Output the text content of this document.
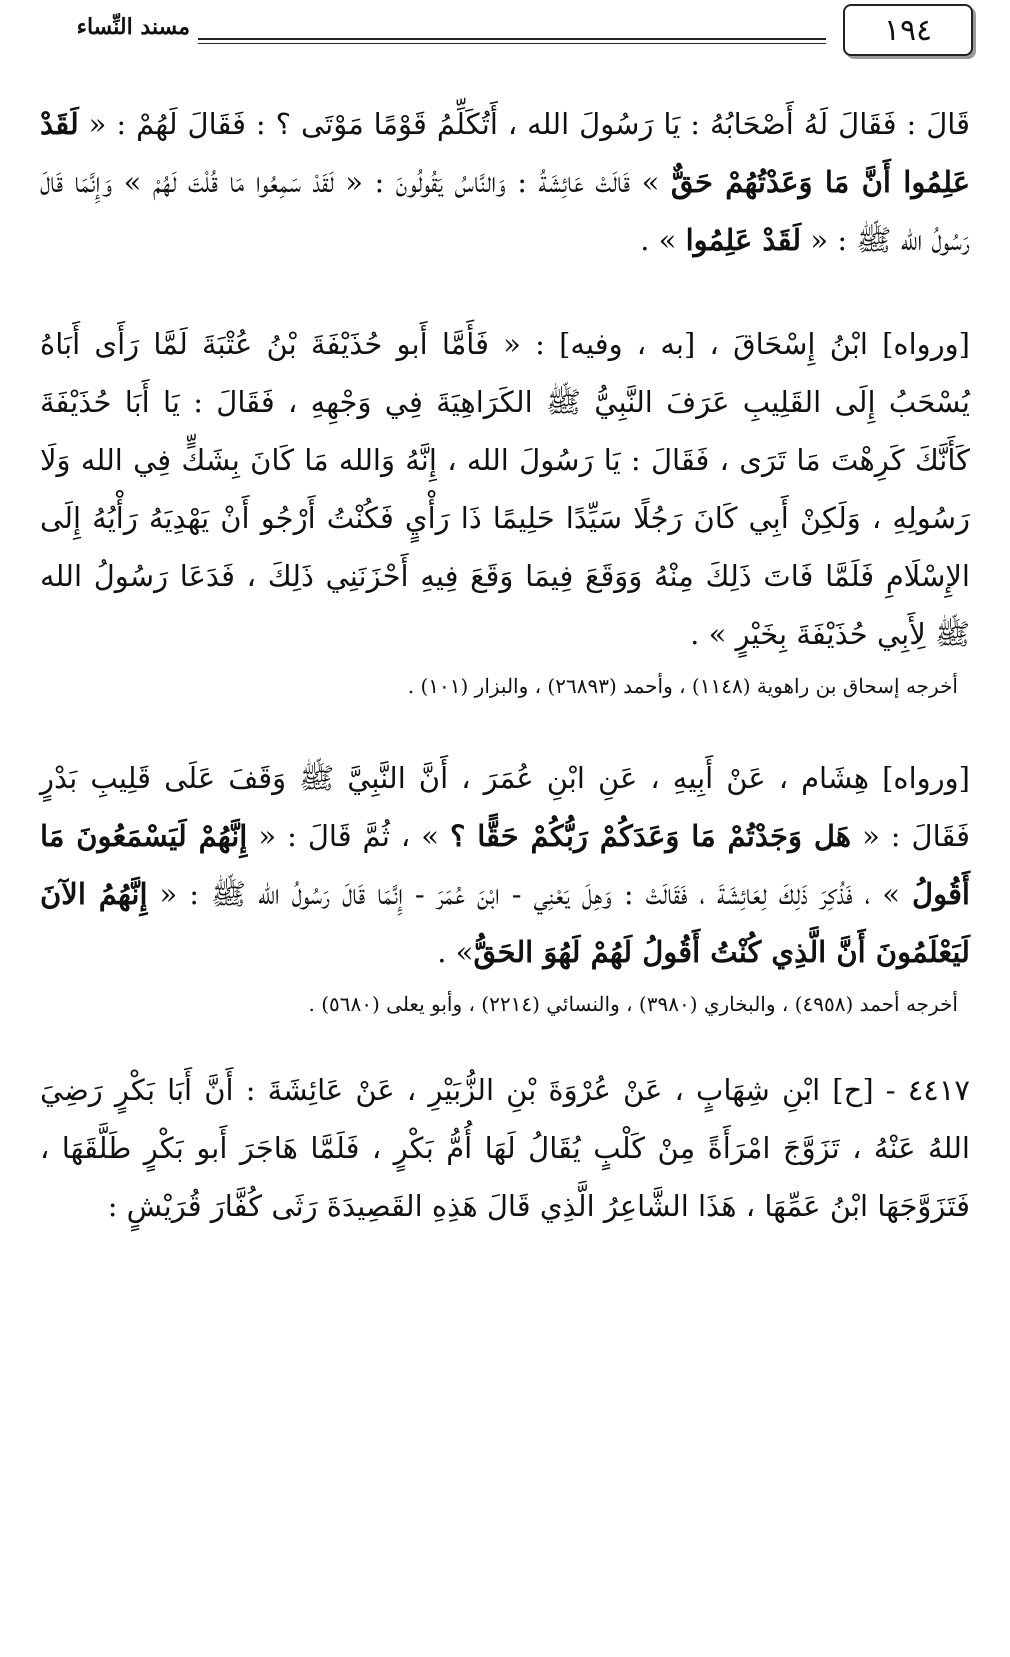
١٩٤
مسند النِّساء

قَالَ : فَقَالَ لَهُ أَصْحَابُهُ : يَا رَسُولَ الله ، أَتُكَلِّمُ قَوْمًا مَوْتَى ؟ : فَقَالَ لَهُمْ : « لَقَدْ عَلِمُوا أَنَّ مَا وَعَدْتُهُمْ حَقٌّ » قَالَتْ عَائِشَةُ : وَالنَّاسُ يَقُولُونَ : « لَقَدْ سَمِعُوا مَا قُلْتَ لَهُمْ » وَإِنَّمَا قَالَ رَسُولُ الله ﷺ : « لَقَدْ عَلِمُوا » .

[ورواه] ابْنُ إِسْحَاقَ ، [به ، وفيه] : « فَأَمَّا أَبو حُذَيْفَةَ بْنُ عُتْبَةَ لَمَّا رَأَى أَبَاهُ يُسْحَبُ إِلَى القَلِيبِ عَرَفَ النَّبِيُّ ﷺ الكَرَاهِيَةَ فِي وَجْهِهِ ، فَقَالَ : يَا أَبَا حُذَيْفَةَ كَأَنَّكَ كَرِهْتَ مَا تَرَى ، فَقَالَ : يَا رَسُولَ الله ، إِنَّهُ وَالله مَا كَانَ بِشَكٍّ فِي الله وَلَا رَسُولِهِ ، وَلَكِنْ أَبِي كَانَ رَجُلًا سَيِّدًا حَلِيمًا ذَا رَأْيٍ فَكُنْتُ أَرْجُو أَنْ يَهْدِيَهُ رَأْيُهُ إِلَى الإِسْلَامِ فَلَمَّا فَاتَ ذَلِكَ مِنْهُ وَوَقَعَ فِيمَا وَقَعَ فِيهِ أَحْزَنَنِي ذَلِكَ ، فَدَعَا رَسُولُ الله ﷺ لِأَبِي حُذَيْفَةَ بِخَيْرٍ » .

أخرجه إسحاق بن راهوية (١١٤٨) ، وأحمد (٢٦٨٩٣) ، والبزار (١٠١) .

[ورواه] هِشَام ، عَنْ أَبِيهِ ، عَنِ ابْنِ عُمَرَ ، أَنَّ النَّبِيَّ ﷺ وَقَفَ عَلَى قَلِيبِ بَدْرٍ فَقَالَ : « هَل وَجَدْتُمْ مَا وَعَدَكُمْ رَبُّكُمْ حَقًّا ؟ » ، ثُمَّ قَالَ : « إِنَّهُمْ لَيَسْمَعُونَ مَا أَقُولُ » ، فَذُكِرَ ذَلِكَ لِعَائِشَةَ ، فَقَالَتْ : وَهِلَ يَعْنِي - ابْنَ عُمَرَ - إِنَّمَا قَالَ رَسُولُ الله ﷺ : « إِنَّهُمُ الآنَ لَيَعْلَمُونَ أَنَّ الَّذِي كُنْتُ أَقُولُ لَهُمْ لَهُوَ الحَقُّ» .

أخرجه أحمد (٤٩٥٨) ، والبخاري (٣٩٨٠) ، والنسائي (٢٢١٤) ، وأبو يعلى (٥٦٨٠) .

٤٤١٧ - [ح] ابْنِ شِهَابٍ ، عَنْ عُرْوَةَ بْنِ الزُّبَيْرِ ، عَنْ عَائِشَةَ : أَنَّ أَبَا بَكْرٍ رَضِيَ اللهُ عَنْهُ ، تَزَوَّجَ امْرَأَةً مِنْ كَلْبٍ يُقَالُ لَهَا أُمُّ بَكْرٍ ، فَلَمَّا هَاجَرَ أَبو بَكْرٍ طَلَّقَهَا ، فَتَزَوَّجَهَا ابْنُ عَمِّهَا ، هَذَا الشَّاعِرُ الَّذِي قَالَ هَذِهِ القَصِيدَةَ رَثَى كُفَّارَ قُرَيْشٍ :
